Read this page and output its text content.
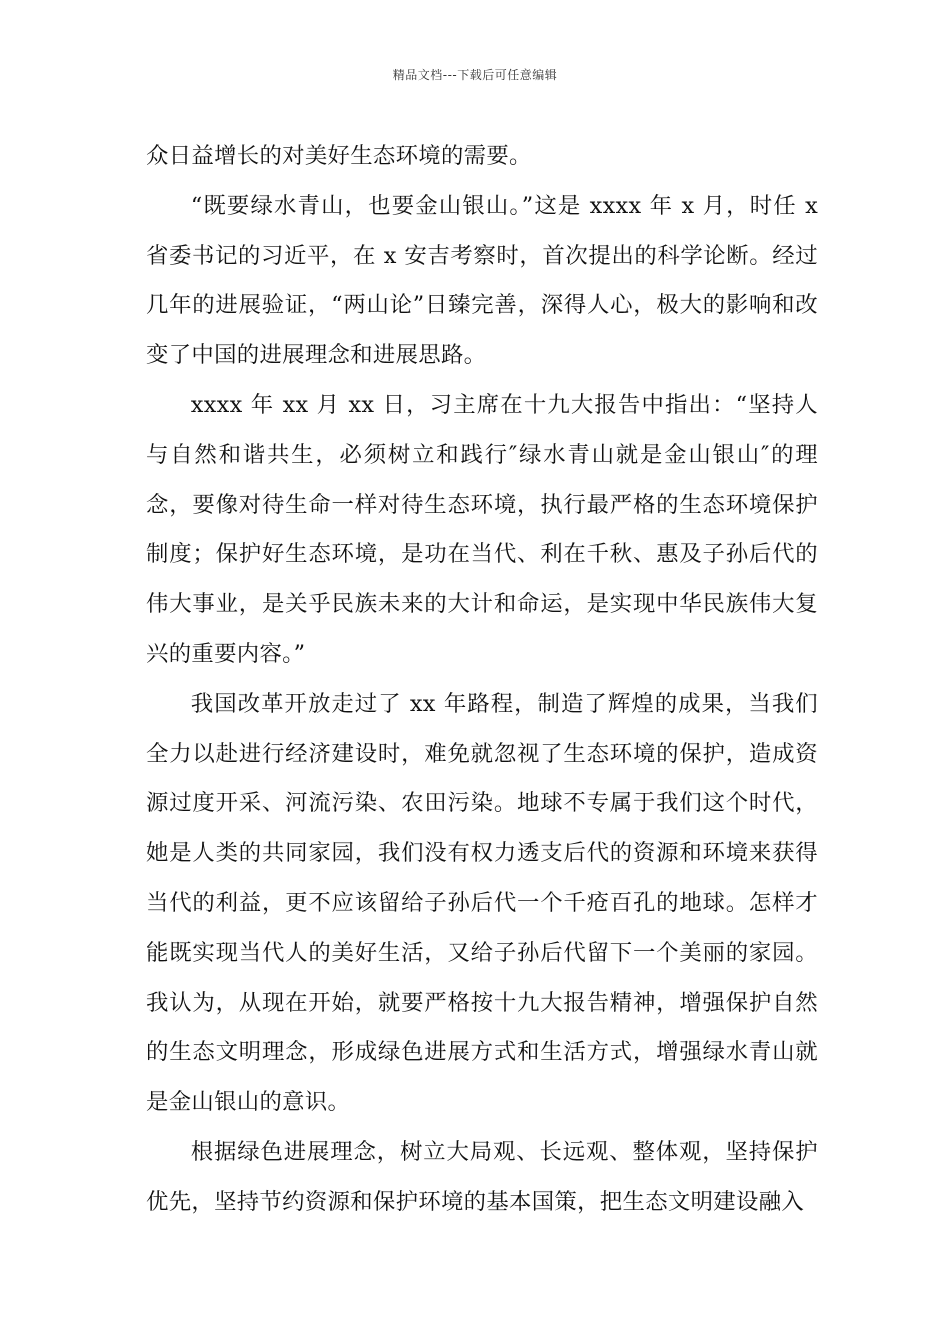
精品文档---下载后可任意编辑

众日益增长的对美好生态环境的需要。

“既要绿水青山，也要金山银山。”这是 xxxx 年 x 月，时任 x 省委书记的习近平，在 x 安吉考察时，首次提出的科学论断。经过几年的进展验证，“两山论”日臻完善，深得人心，极大的影响和改变了中国的进展理念和进展思路。

xxxx 年 xx 月 xx 日，习主席在十九大报告中指出：“坚持人与自然和谐共生，必须树立和践行″绿水青山就是金山银山″的理念，要像对待生命一样对待生态环境，执行最严格的生态环境保护制度；保护好生态环境，是功在当代、利在千秋、惠及子孙后代的伟大事业，是关乎民族未来的大计和命运，是实现中华民族伟大复兴的重要内容。”

我国改革开放走过了 xx 年路程，制造了辉煌的成果，当我们全力以赴进行经济建设时，难免就忽视了生态环境的保护，造成资源过度开采、河流污染、农田污染。地球不专属于我们这个时代，她是人类的共同家园，我们没有权力透支后代的资源和环境来获得当代的利益，更不应该留给子孙后代一个千疮百孔的地球。怎样才能既实现当代人的美好生活，又给子孙后代留下一个美丽的家园。我认为，从现在开始，就要严格按十九大报告精神，增强保护自然的生态文明理念，形成绿色进展方式和生活方式，增强绿水青山就是金山银山的意识。

根据绿色进展理念，树立大局观、长远观、整体观，坚持保护优先，坚持节约资源和保护环境的基本国策，把生态文明建设融入
